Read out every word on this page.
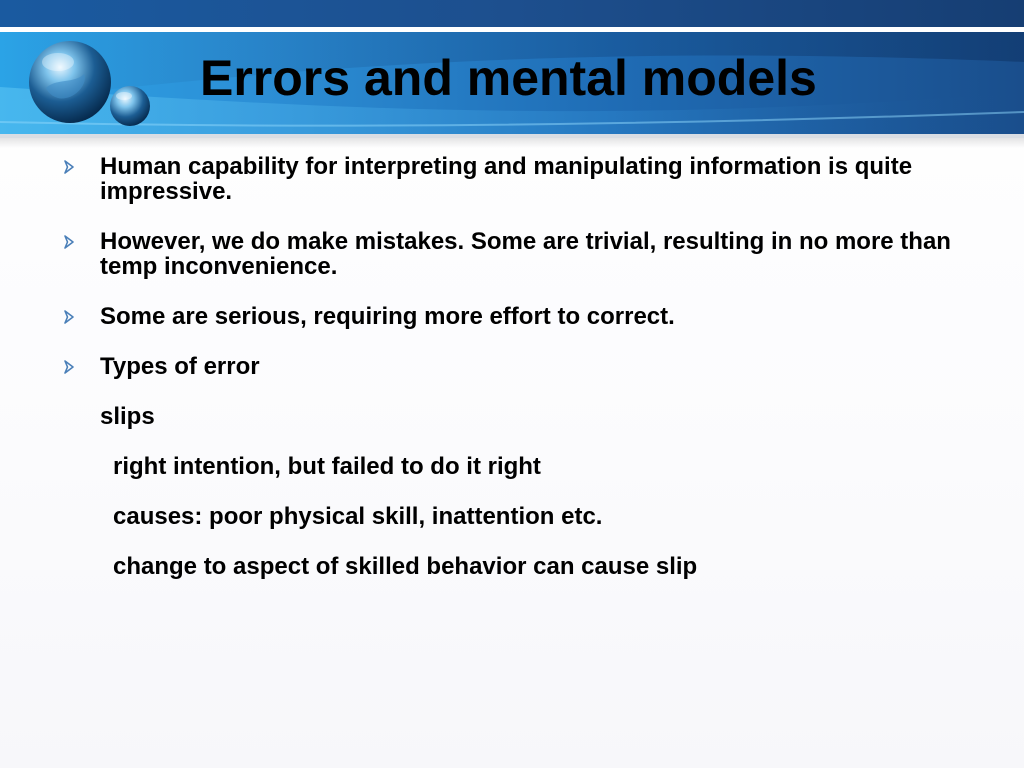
Errors and mental models
Human capability for interpreting and manipulating information is quite impressive.
However, we do make mistakes. Some are trivial, resulting in no more than temp inconvenience.
Some are serious, requiring more effort to correct.
Types of error
slips
right intention, but failed to do it right
causes: poor physical skill, inattention etc.
change to aspect of skilled behavior can cause slip
